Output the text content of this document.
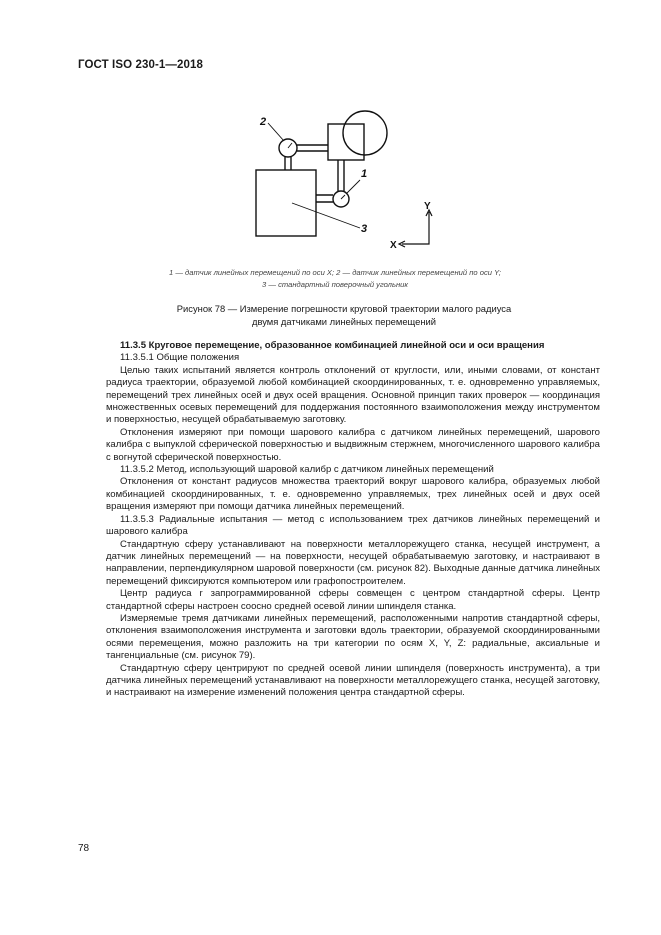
ГОСТ ISO 230-1—2018
2
1
3
Y
X
1 — датчик линейных перемещений по оси X; 2 — датчик линейных перемещений по оси Y;
3 — стандартный поверочный угольник
Рисунок 78 — Измерение погрешности круговой траектории малого радиуса
двумя датчиками линейных перемещений

11.3.5 Круговое перемещение, образованное комбинацией линейной оси и оси вращения

11.3.5.1 Общие положения

Целью таких испытаний является контроль отклонений от круглости, или, иными словами, от констант радиуса траектории, образуемой любой комбинацией скоординированных, т. е. одновременно управляемых, перемещений трех линейных осей и двух осей вращения. Основной принцип таких проверок — координация множественных осевых перемещений для поддержания постоянного взаимоположения между инструментом и поверхностью, несущей обрабатываемую заготовку.

Отклонения измеряют при помощи шарового калибра с датчиком линейных перемещений, шарового калибра с выпуклой сферической поверхностью и выдвижным стержнем, многочисленного шарового калибра с вогнутой сферической поверхностью.

11.3.5.2 Метод, использующий шаровой калибр с датчиком линейных перемещений

Отклонения от констант радиусов множества траекторий вокруг шарового калибра, образуемых любой комбинацией скоординированных, т. е. одновременно управляемых, трех линейных осей и двух осей вращения измеряют при помощи датчика линейных перемещений.

11.3.5.3 Радиальные испытания — метод с использованием трех датчиков линейных перемещений и шарового калибра

Стандартную сферу устанавливают на поверхности металлорежущего станка, несущей инструмент, а датчик линейных перемещений — на поверхности, несущей обрабатываемую заготовку, и настраивают в направлении, перпендикулярном шаровой поверхности (см. рисунок 82). Выходные данные датчика линейных перемещений фиксируются компьютером или графопостроителем.

Центр радиуса r запрограммированной сферы совмещен с центром стандартной сферы. Центр стандартной сферы настроен соосно средней осевой линии шпинделя станка.

Измеряемые тремя датчиками линейных перемещений, расположенными напротив стандартной сферы, отклонения взаимоположения инструмента и заготовки вдоль траектории, образуемой скоординированными осями перемещения, можно разложить на три категории по осям X, Y, Z: радиальные, аксиальные и тангенциальные (см. рисунок 79).

Стандартную сферу центрируют по средней осевой линии шпинделя (поверхность инструмента), а три датчика линейных перемещений устанавливают на поверхности металлорежущего станка, несущей заготовку, и настраивают на измерение изменений положения центра стандартной сферы.

78
